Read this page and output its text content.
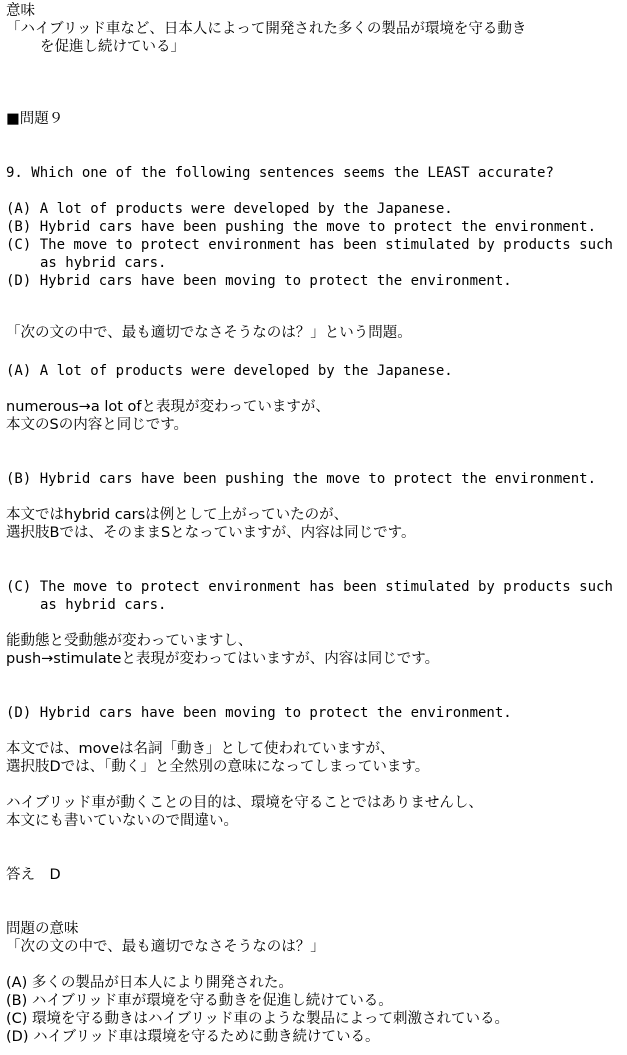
意味
「ハイブリッド車など、日本人によって開発された多くの製品が環境を守る動き
を促進し続けている」
■問題９
9. Which one of the following sentences seems the LEAST accurate?
(A) A lot of products were developed by the Japanese.
(B) Hybrid cars have been pushing the move to protect the environment.
(C) The move to protect environment has been stimulated by products such
as hybrid cars.
(D) Hybrid cars have been moving to protect the environment.
「次の文の中で、最も適切でなさそうなのは？」という問題。
(A) A lot of products were developed by the Japanese.
numerous→a lot ofと表現が変わっていますが、
本文のSの内容と同じです。
(B) Hybrid cars have been pushing the move to protect the environment.
本文ではhybrid carsは例として上がっていたのが、
選択肢Bでは、そのままSとなっていますが、内容は同じです。
(C) The move to protect environment has been stimulated by products such
as hybrid cars.
能動態と受動態が変わっていますし、
push→stimulateと表現が変わってはいますが、内容は同じです。
(D) Hybrid cars have been moving to protect the environment.
本文では、moveは名詞「動き」として使われていますが、
選択肢Dでは、「動く」と全然別の意味になってしまっています。
ハイブリッド車が動くことの目的は、環境を守ることではありませんし、
本文にも書いていないので間違い。
答え　D
問題の意味
「次の文の中で、最も適切でなさそうなのは？」
(A) 多くの製品が日本人により開発された。
(B) ハイブリッド車が環境を守る動きを促進し続けている。
(C) 環境を守る動きはハイブリッド車のような製品によって刺激されている。
(D) ハイブリッド車は環境を守るために動き続けている。
